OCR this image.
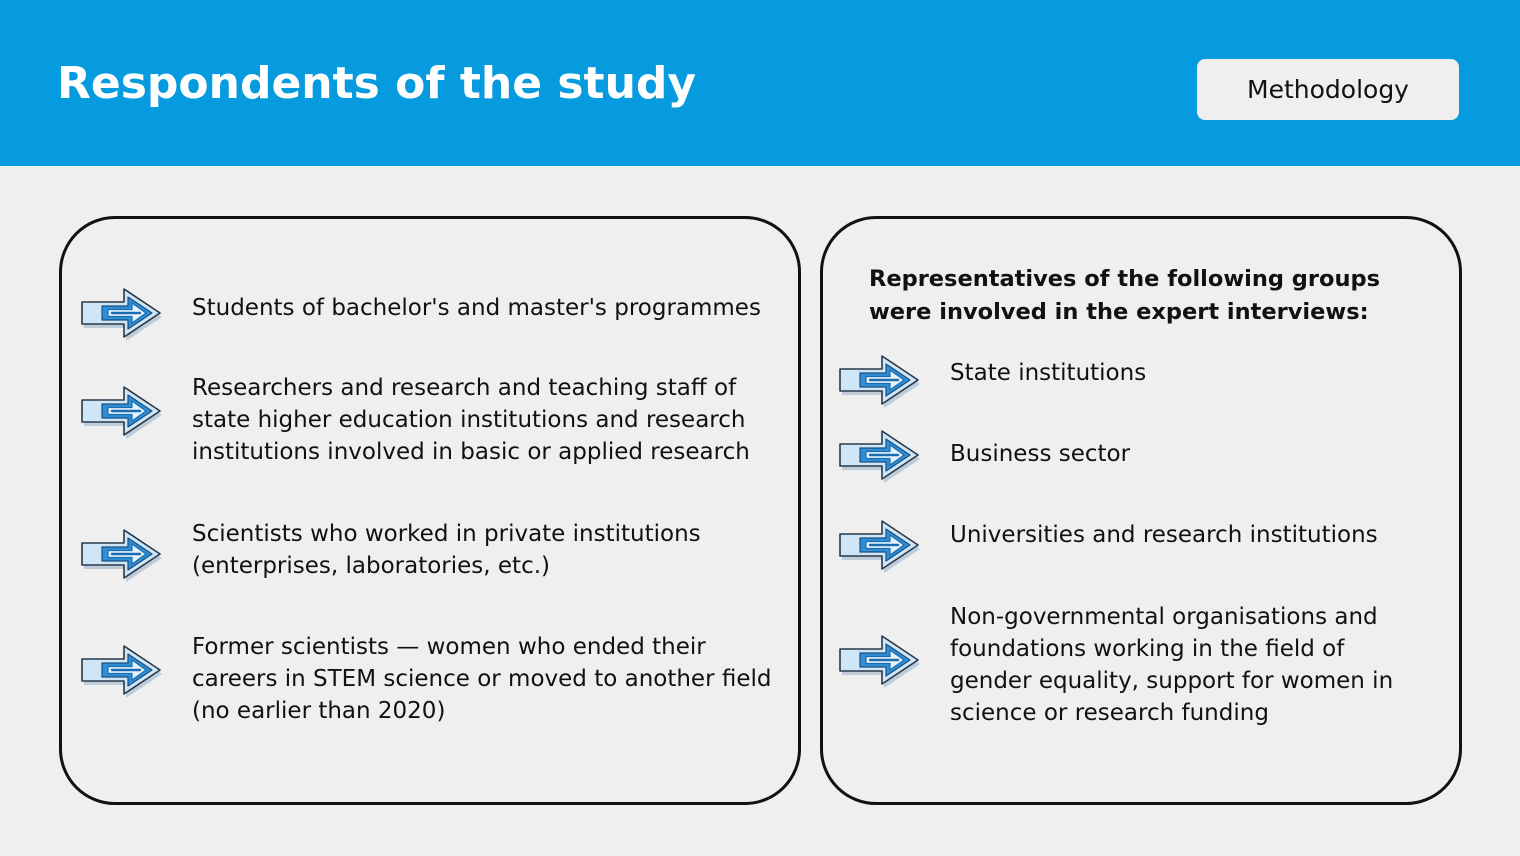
Respondents of the study	Methodology
Students of bachelor's and master's programmes
Researchers and research and teaching staff of
state higher education institutions and research
institutions involved in basic or applied research
Scientists who worked in private institutions
(enterprises, laboratories, etc.)
Former scientists — women who ended their
careers in STEM science or moved to another field
(no earlier than 2020)
Representatives of the following groups
were involved in the expert interviews:
State institutions
Business sector
Universities and research institutions
Non-governmental organisations and
foundations working in the field of
gender equality, support for women in
science or research funding
